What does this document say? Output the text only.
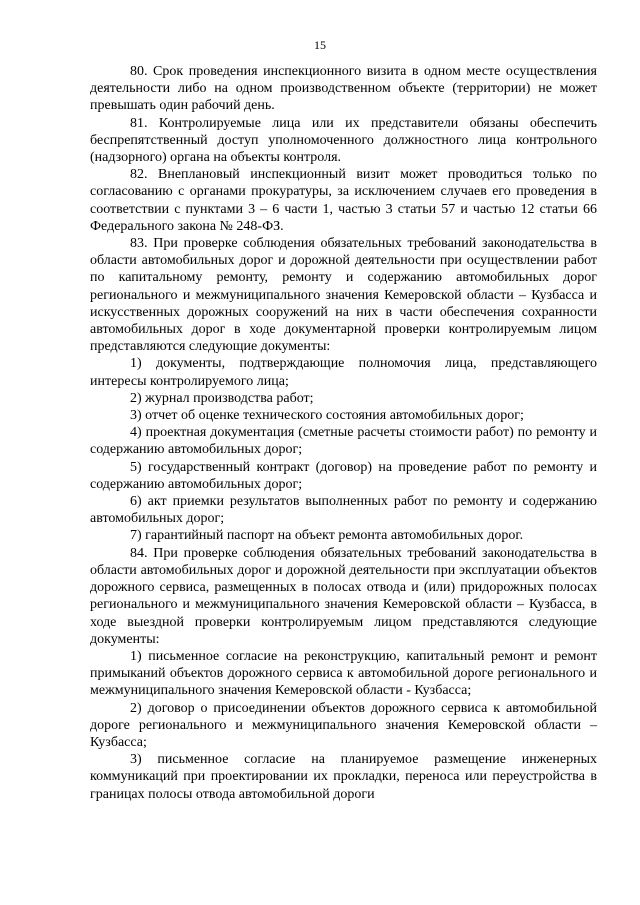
15

80. Срок проведения инспекционного визита в одном месте осуществления деятельности либо на одном производственном объекте (территории) не может превышать один рабочий день.

81. Контролируемые лица или их представители обязаны обеспечить беспрепятственный доступ уполномоченного должностного лица контрольного (надзорного) органа на объекты контроля.

82. Внеплановый инспекционный визит может проводиться только по согласованию с органами прокуратуры, за исключением случаев его проведения в соответствии с пунктами 3 – 6 части 1, частью 3 статьи 57 и частью 12 статьи 66 Федерального закона № 248-ФЗ.

83. При проверке соблюдения обязательных требований законодательства в области автомобильных дорог и дорожной деятельности при осуществлении работ по капитальному ремонту, ремонту и содержанию автомобильных дорог регионального и межмуниципального значения Кемеровской области – Кузбасса и искусственных дорожных сооружений на них в части обеспечения сохранности автомобильных дорог в ходе документарной проверки контролируемым лицом представляются следующие документы:

1) документы, подтверждающие полномочия лица, представляющего интересы контролируемого лица;

2) журнал производства работ;

3) отчет об оценке технического состояния автомобильных дорог;

4) проектная документация (сметные расчеты стоимости работ) по ремонту и содержанию автомобильных дорог;

5) государственный контракт (договор) на проведение работ по ремонту и содержанию автомобильных дорог;

6) акт приемки результатов выполненных работ по ремонту и содержанию автомобильных дорог;

7) гарантийный паспорт на объект ремонта автомобильных дорог.

84. При проверке соблюдения обязательных требований законодательства в области автомобильных дорог и дорожной деятельности при эксплуатации объектов дорожного сервиса, размещенных в полосах отвода и (или) придорожных полосах регионального и межмуниципального значения Кемеровской области – Кузбасса, в ходе выездной проверки контролируемым лицом представляются следующие документы:

1) письменное согласие на реконструкцию, капитальный ремонт и ремонт примыканий объектов дорожного сервиса к автомобильной дороге регионального и межмуниципального значения Кемеровской области - Кузбасса;

2) договор о присоединении объектов дорожного сервиса к автомобильной дороге регионального и межмуниципального значения Кемеровской области – Кузбасса;

3) письменное согласие на планируемое размещение инженерных коммуникаций при проектировании их прокладки, переноса или переустройства в границах полосы отвода автомобильной дороги
